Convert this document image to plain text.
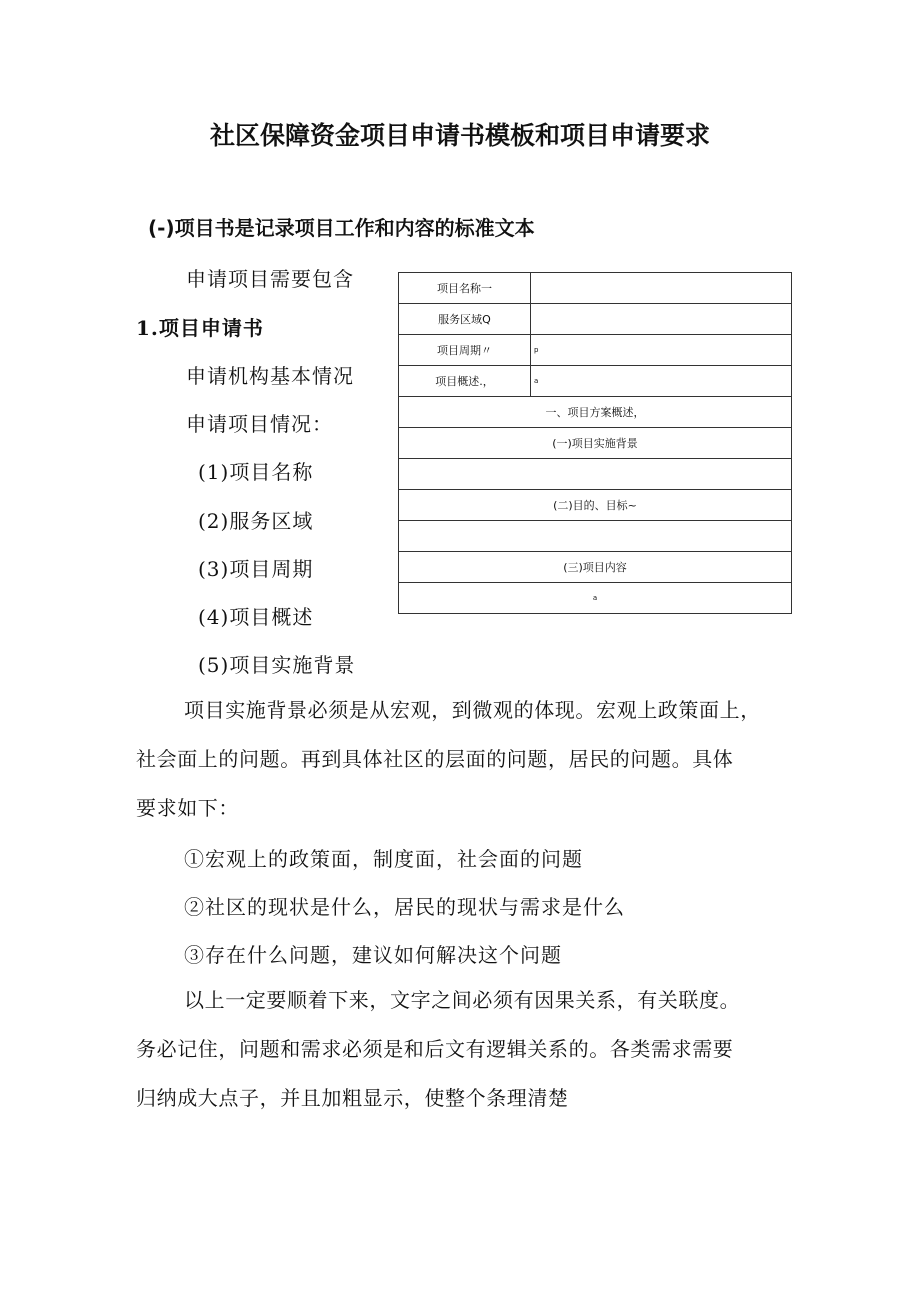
社区保障资金项目申请书模板和项目申请要求
(-)项目书是记录项目工作和内容的标准文本
申请项目需要包含
1.项目申请书
申请机构基本情况
申请项目情况：
(1)项目名称
(2)服务区域
(3)项目周期
(4)项目概述
(5)项目实施背景
项目名称一	
服务区域Q	
项目周期〃	p
项目概述.，	a
一、项目方案概述，	
(一)项目实施背景	

(二)目的、目标~	

(三)项目内容	
a	
项目实施背景必须是从宏观，到微观的体现。宏观上政策面上，
社会面上的问题。再到具体社区的层面的问题，居民的问题。具体
要求如下：
①宏观上的政策面，制度面，社会面的问题
②社区的现状是什么，居民的现状与需求是什么
③存在什么问题，建议如何解决这个问题
以上一定要顺着下来，文字之间必须有因果关系，有关联度。
务必记住，问题和需求必须是和后文有逻辑关系的。各类需求需要
归纳成大点子，并且加粗显示，使整个条理清楚
